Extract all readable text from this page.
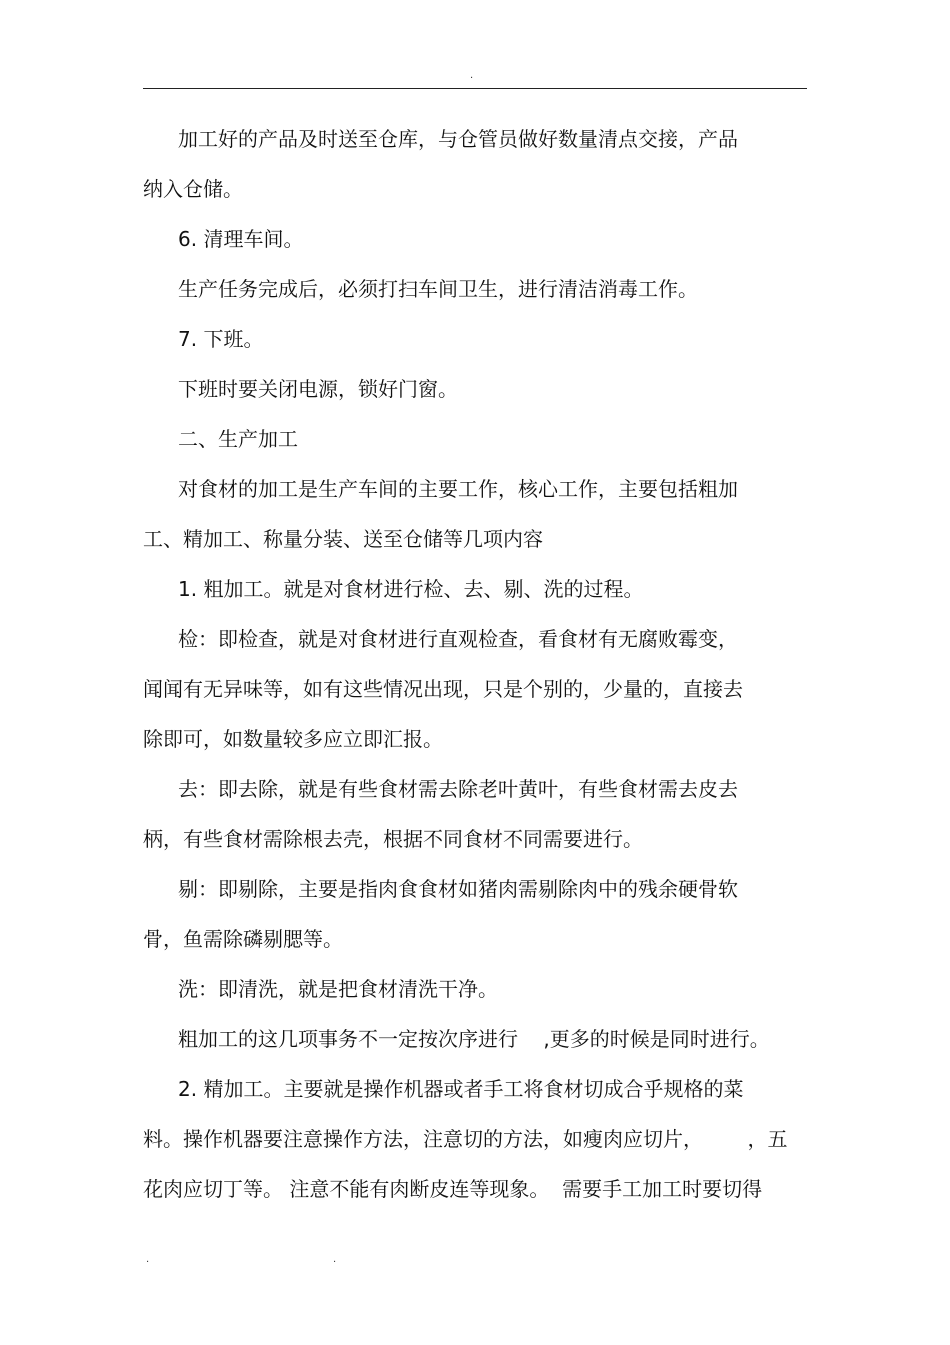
.

加工好的产品及时送至仓库，与仓管员做好数量清点交接，产品

纳入仓储。

6. 清理车间。

生产任务完成后，必须打扫车间卫生，进行清洁消毒工作。

7. 下班。

下班时要关闭电源，锁好门窗。

二、生产加工

对食材的加工是生产车间的主要工作，核心工作，主要包括粗加

工、精加工、称量分装、送至仓储等几项内容

1. 粗加工。就是对食材进行检、去、剔、洗的过程。

检：即检查，就是对食材进行直观检查，看食材有无腐败霉变，

闻闻有无异味等，如有这些情况出现，只是个别的，少量的，直接去

除即可，如数量较多应立即汇报。

去：即去除，就是有些食材需去除老叶黄叶，有些食材需去皮去

柄，有些食材需除根去壳，根据不同食材不同需要进行。

剔：即剔除，主要是指肉食食材如猪肉需剔除肉中的残余硬骨软

骨，鱼需除磷剔腮等。

洗：即清洗，就是把食材清洗干净。

粗加工的这几项事务不一定按次序进行    ,更多的时候是同时进行。

2. 精加工。主要就是操作机器或者手工将食材切成合乎规格的菜

料。操作机器要注意操作方法，注意切的方法，如瘦肉应切片，       ，五

花肉应切丁等。 注意不能有肉断皮连等现象。  需要手工加工时要切得

.	.
